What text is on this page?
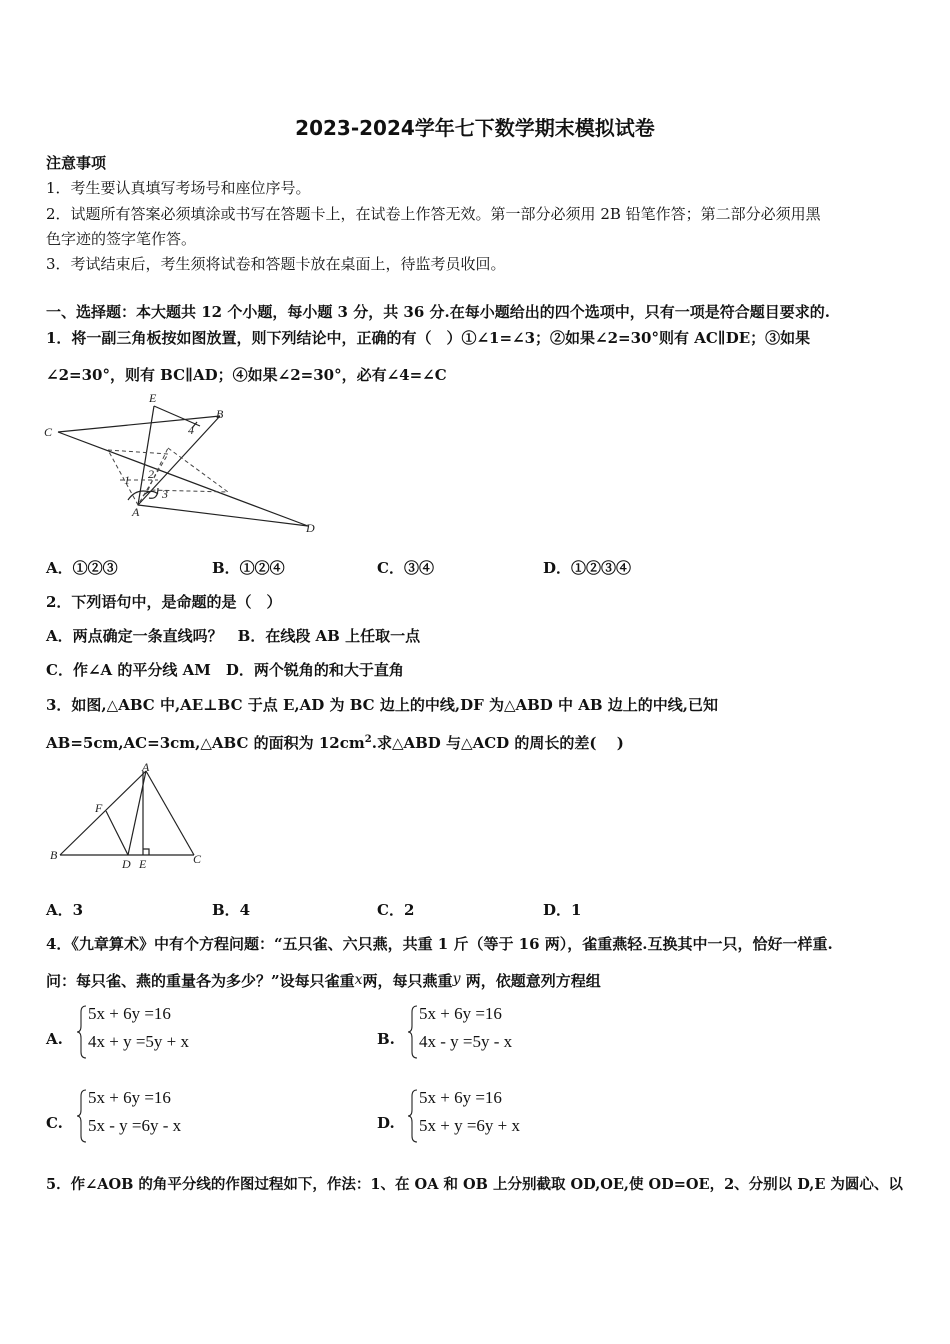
2023-2024学年七下数学期末模拟试卷
注意事项
1．考生要认真填写考场号和座位序号。
2．试题所有答案必须填涂或书写在答题卡上，在试卷上作答无效。第一部分必须用 2B 铅笔作答；第二部分必须用黑
色字迹的签字笔作答。
3．考试结束后，考生须将试卷和答题卡放在桌面上，待监考员收回。
一、选择题：本大题共 12 个小题，每小题 3 分，共 36 分.在每小题给出的四个选项中，只有一项是符合题目要求的.
1．将一副三角板按如图放置，则下列结论中，正确的有（　）①∠1=∠3；②如果∠2=30°则有 AC∥DE；③如果
∠2=30°，则有 BC∥AD；④如果∠2=30°，必有∠4=∠C
E
B
C	4
1 2
3
A
D
A．①②③	B．①②④	C．③④	D．①②③④
2．下列语句中，是命题的是（　）
A．两点确定一条直线吗？　B．在线段 AB 上任取一点
C．作∠A 的平分线 AM　D．两个锐角的和大于直角
3．如图,△ABC 中,AE⊥BC 于点 E,AD 为 BC 边上的中线,DF 为△ABD 中 AB 边上的中线,已知
AB=5cm,AC=3cm,△ABC 的面积为 $12cm^2$.求△ABD 与△ACD 的周长的差(　 )
A
F
B
D E	C
A．3	B．4	C．2	D．1
4．《九章算术》中有个方程问题：“五只雀、六只燕，共重 1 斤（等于 16 两），雀重燕轻.互换其中一只，恰好一样重.
问：每只雀、燕的重量各为多少？”设每只雀重x两，每只燕重y 两，依题意列方程组
A.
5x + 6y =16
4x + y =5y + x	B.
5x + 6y =16
4x - y =5y - x
C.
5x + 6y =16
5x - y =6y - x	D.
5x + 6y =16
5x + y =6y + x
5．作∠AOB 的角平分线的作图过程如下，作法：1、在 OA 和 OB 上分别截取 OD,OE,使 OD=OE，2、分别以 D,E 为圆心、以
